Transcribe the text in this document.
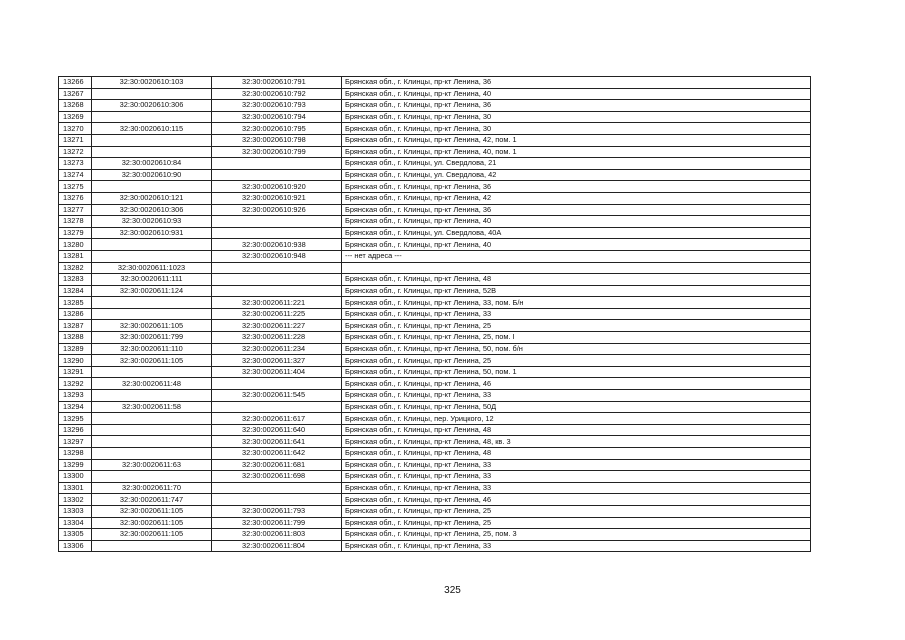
13266	32:30:0020610:103	32:30:0020610:791	Брянская обл., г. Клинцы, пр-кт Ленина, 36
13267		32:30:0020610:792	Брянская обл., г. Клинцы, пр-кт Ленина, 40
13268	32:30:0020610:306	32:30:0020610:793	Брянская обл., г. Клинцы, пр-кт Ленина, 36
13269		32:30:0020610:794	Брянская обл., г. Клинцы, пр-кт Ленина, 30
13270	32:30:0020610:115	32:30:0020610:795	Брянская обл., г. Клинцы, пр-кт Ленина, 30
13271		32:30:0020610:798	Брянская обл., г. Клинцы, пр-кт Ленина, 42, пом. 1
13272		32:30:0020610:799	Брянская обл., г. Клинцы, пр-кт Ленина, 40, пом. 1
13273	32:30:0020610:84		Брянская обл., г. Клинцы, ул. Свердлова, 21
13274	32:30:0020610:90		Брянская обл., г. Клинцы, ул. Свердлова, 42
13275		32:30:0020610:920	Брянская обл., г. Клинцы, пр-кт Ленина, 36
13276	32:30:0020610:121	32:30:0020610:921	Брянская обл., г. Клинцы, пр-кт Ленина, 42
13277	32:30:0020610:306	32:30:0020610:926	Брянская обл., г. Клинцы, пр-кт Ленина, 36
13278	32:30:0020610:93		Брянская обл., г. Клинцы, пр-кт Ленина, 40
13279	32:30:0020610:931		Брянская обл., г. Клинцы, ул. Свердлова, 40А
13280		32:30:0020610:938	Брянская обл., г. Клинцы, пр-кт Ленина, 40
13281		32:30:0020610:948	--- нет адреса ---
13282	32:30:0020611:1023		
13283	32:30:0020611:111		Брянская обл., г. Клинцы, пр-кт Ленина, 48
13284	32:30:0020611:124		Брянская обл., г. Клинцы, пр-кт Ленина, 52В
13285		32:30:0020611:221	Брянская обл., г. Клинцы, пр-кт Ленина, 33, пом. Б/н
13286		32:30:0020611:225	Брянская обл., г. Клинцы, пр-кт Ленина, 33
13287	32:30:0020611:105	32:30:0020611:227	Брянская обл., г. Клинцы, пр-кт Ленина, 25
13288	32:30:0020611:799	32:30:0020611:228	Брянская обл., г. Клинцы, пр-кт Ленина, 25, пом. I
13289	32:30:0020611:110	32:30:0020611:234	Брянская обл., г. Клинцы, пр-кт Ленина, 50, пом. б/н
13290	32:30:0020611:105	32:30:0020611:327	Брянская обл., г. Клинцы, пр-кт Ленина, 25
13291		32:30:0020611:404	Брянская обл., г. Клинцы, пр-кт Ленина, 50, пом. 1
13292	32:30:0020611:48		Брянская обл., г. Клинцы, пр-кт Ленина, 46
13293		32:30:0020611:545	Брянская обл., г. Клинцы, пр-кт Ленина, 33
13294	32:30:0020611:58		Брянская обл., г. Клинцы, пр-кт Ленина, 50Д
13295		32:30:0020611:617	Брянская обл., г. Клинцы, пер. Урицкого, 12
13296		32:30:0020611:640	Брянская обл., г. Клинцы, пр-кт Ленина, 48
13297		32:30:0020611:641	Брянская обл., г. Клинцы, пр-кт Ленина, 48, кв. 3
13298		32:30:0020611:642	Брянская обл., г. Клинцы, пр-кт Ленина, 48
13299	32:30:0020611:63	32:30:0020611:681	Брянская обл., г. Клинцы, пр-кт Ленина, 33
13300		32:30:0020611:698	Брянская обл., г. Клинцы, пр-кт Ленина, 33
13301	32:30:0020611:70		Брянская обл., г. Клинцы, пр-кт Ленина, 33
13302	32:30:0020611:747		Брянская обл., г. Клинцы, пр-кт Ленина, 46
13303	32:30:0020611:105	32:30:0020611:793	Брянская обл., г. Клинцы, пр-кт Ленина, 25
13304	32:30:0020611:105	32:30:0020611:799	Брянская обл., г. Клинцы, пр-кт Ленина, 25
13305	32:30:0020611:105	32:30:0020611:803	Брянская обл., г. Клинцы, пр-кт Ленина, 25, пом. 3
13306		32:30:0020611:804	Брянская обл., г. Клинцы, пр-кт Ленина, 33
325
